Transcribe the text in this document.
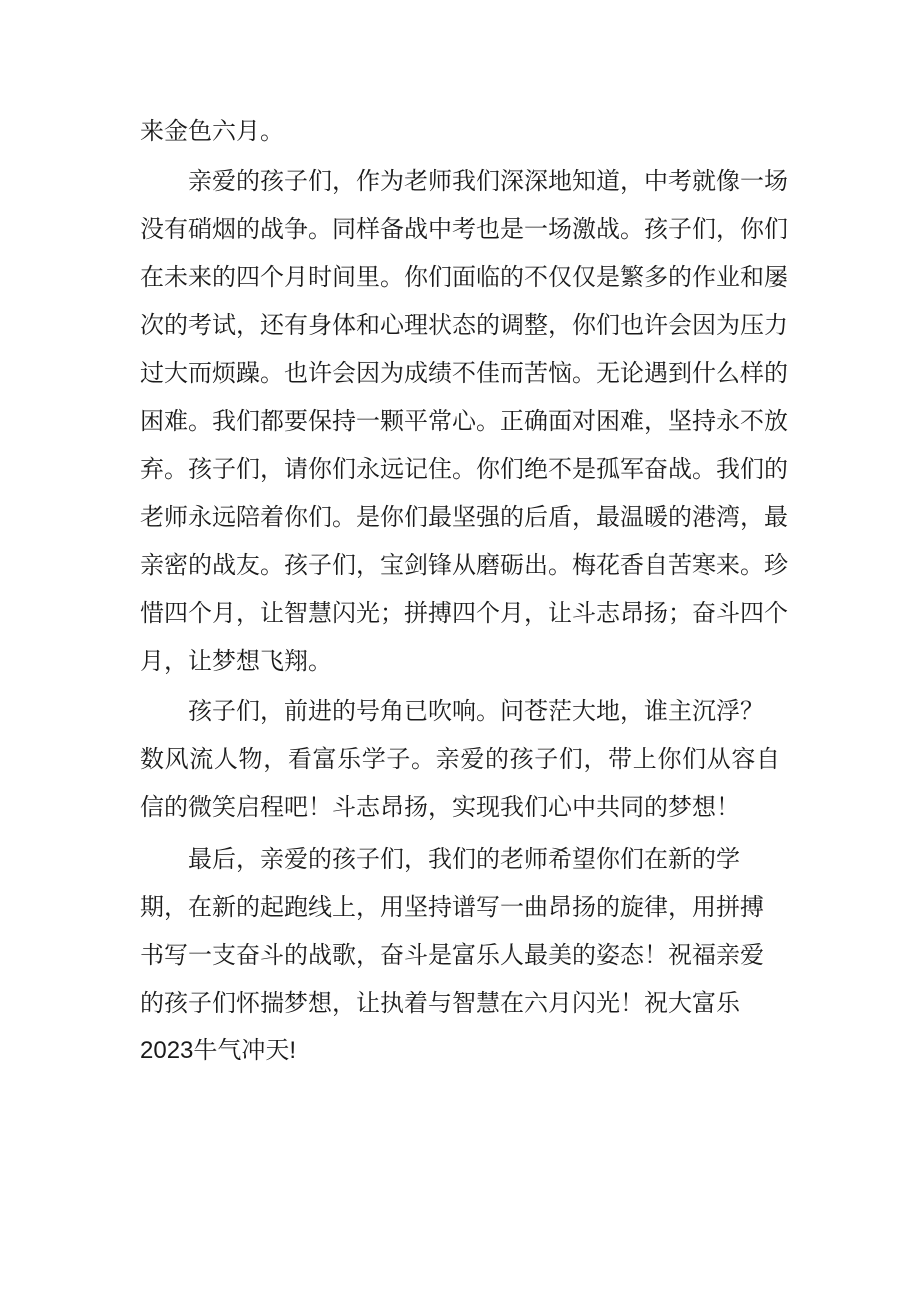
来金色六月。
亲爱的孩子们，作为老师我们深深地知道，中考就像一场
没有硝烟的战争。同样备战中考也是一场激战。孩子们，你们
在未来的四个月时间里。你们面临的不仅仅是繁多的作业和屡
次的考试，还有身体和心理状态的调整，你们也许会因为压力
过大而烦躁。也许会因为成绩不佳而苦恼。无论遇到什么样的
困难。我们都要保持一颗平常心。正确面对困难，坚持永不放
弃。孩子们，请你们永远记住。你们绝不是孤军奋战。我们的
老师永远陪着你们。是你们最坚强的后盾，最温暖的港湾，最
亲密的战友。孩子们，宝剑锋从磨砺出。梅花香自苦寒来。珍
惜四个月，让智慧闪光；拼搏四个月，让斗志昂扬；奋斗四个
月，让梦想飞翔。
孩子们，前进的号角已吹响。问苍茫大地，谁主沉浮？
数风流人物，看富乐学子。亲爱的孩子们，带上你们从容自
信的微笑启程吧！斗志昂扬，实现我们心中共同的梦想！
最后，亲爱的孩子们，我们的老师希望你们在新的学
期，在新的起跑线上，用坚持谱写一曲昂扬的旋律，用拼搏
书写一支奋斗的战歌，奋斗是富乐人最美的姿态！祝福亲爱
的孩子们怀揣梦想，让执着与智慧在六月闪光！祝大富乐
2023牛气冲天!
